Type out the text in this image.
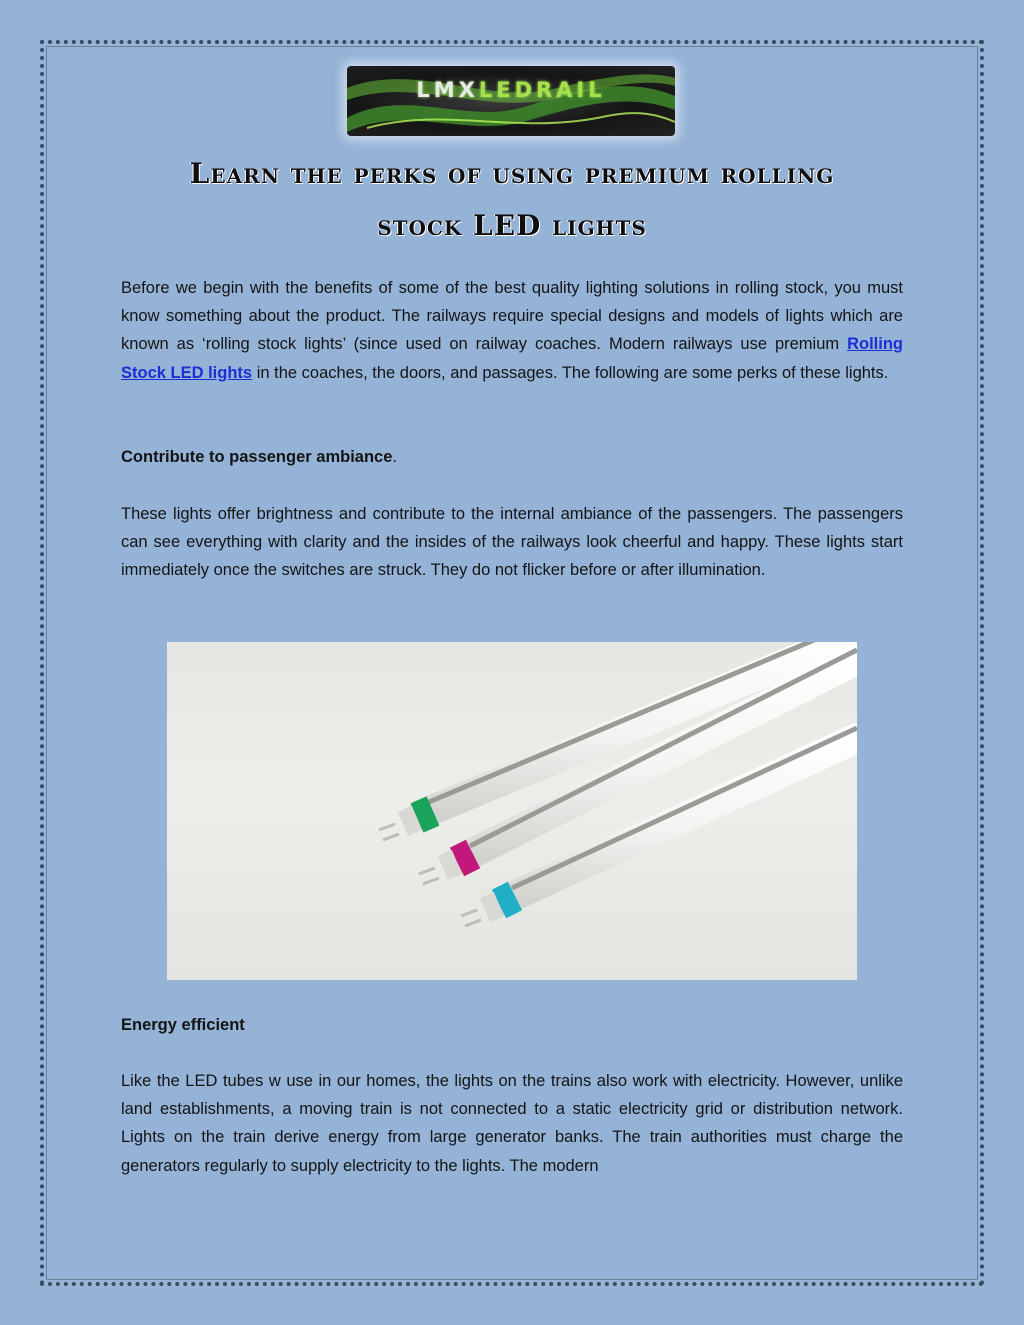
LMXLEDRAIL
Learn the perks of using premium rolling
stock LED lights
Before we begin with the benefits of some of the best quality lighting solutions in rolling stock, you must know something about the product. The railways require special designs and models of lights which are known as ‘rolling stock lights’ (since used on railway coaches. Modern railways use premium Rolling Stock LED lights in the coaches, the doors, and passages. The following are some perks of these lights.
Contribute to passenger ambiance.
These lights offer brightness and contribute to the internal ambiance of the passengers. The passengers can see everything with clarity and the insides of the railways look cheerful and happy. These lights start immediately once the switches are struck. They do not flicker before or after illumination.
Energy efficient
Like the LED tubes w use in our homes, the lights on the trains also work with electricity. However, unlike land establishments, a moving train is not connected to a static electricity grid or distribution network. Lights on the train derive energy from large generator banks. The train authorities must charge the generators regularly to supply electricity to the lights. The modern
